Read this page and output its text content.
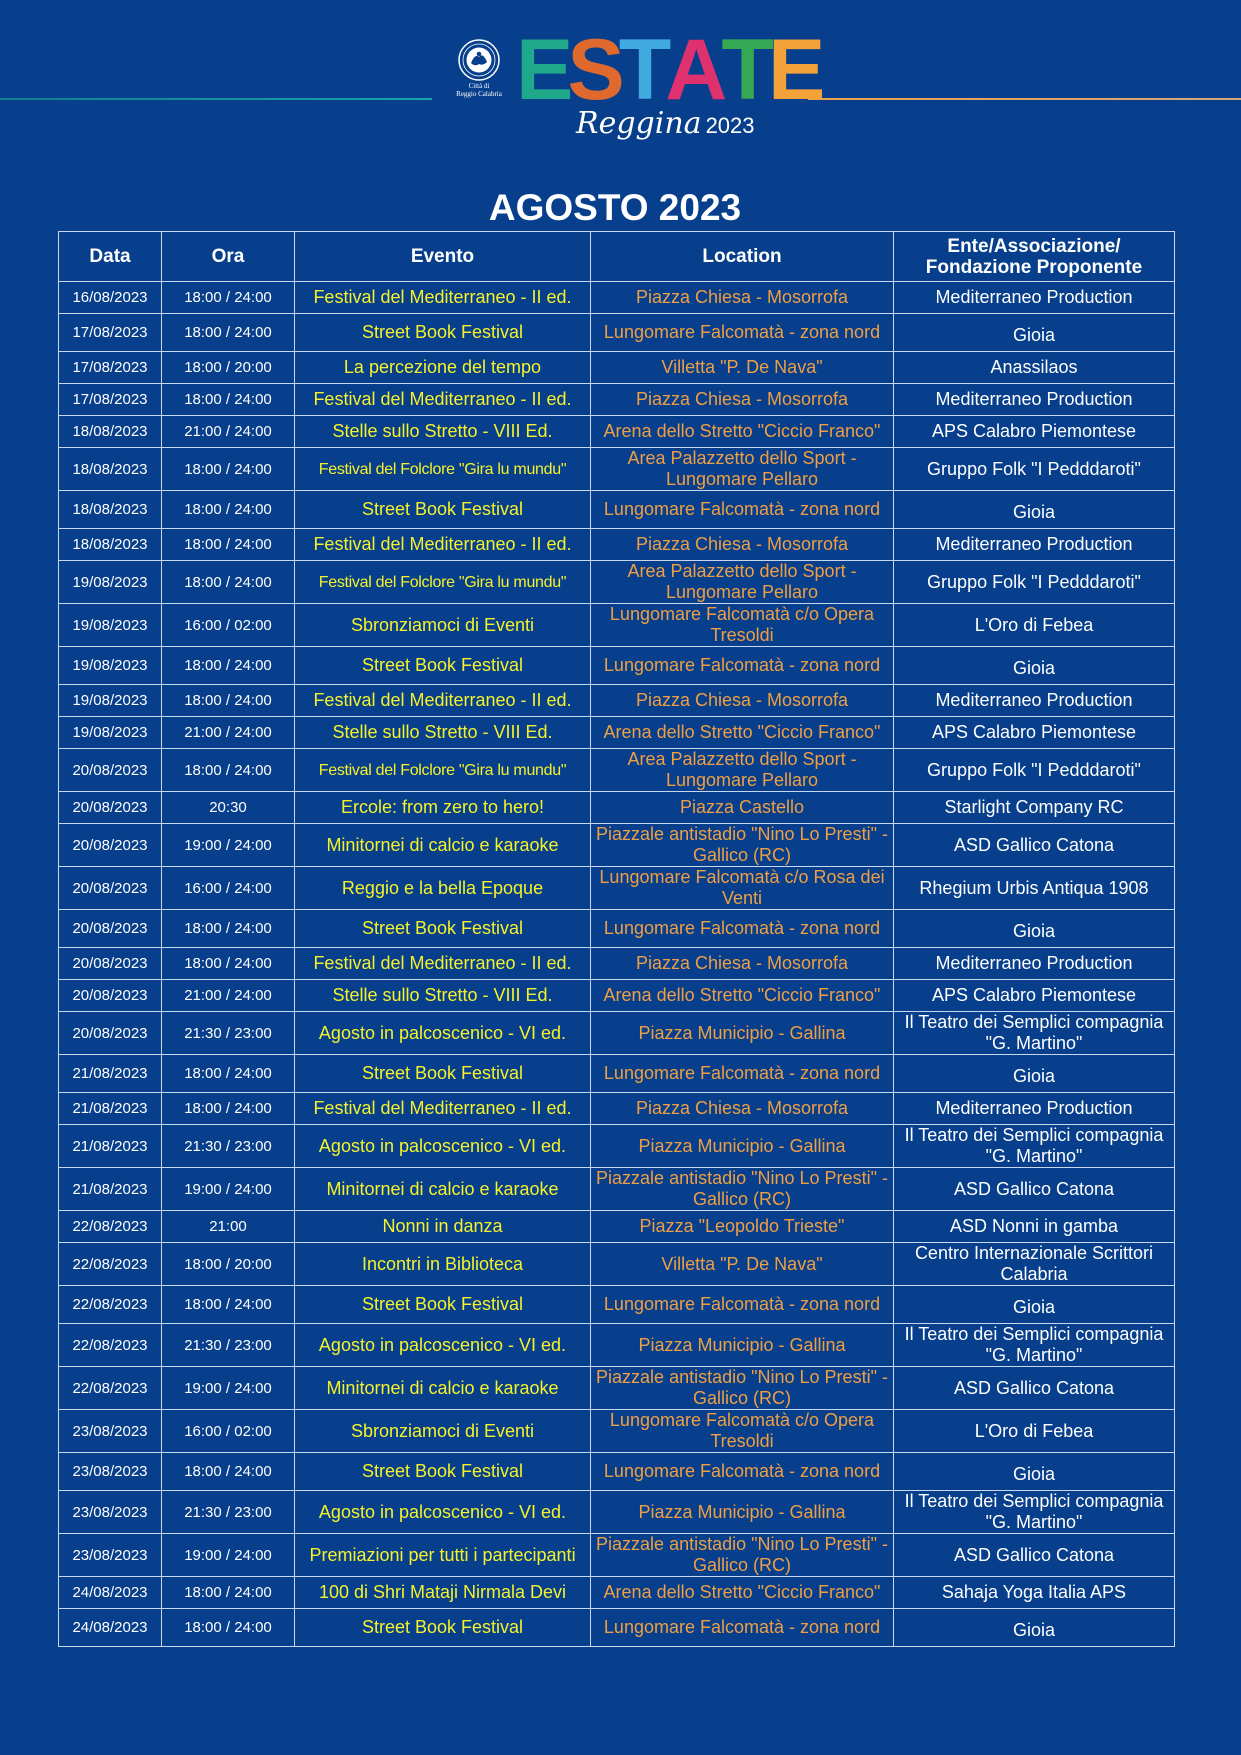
Città di
Reggio Calabria ESTATE
Reggina 2023
AGOSTO 2023
Data	Ora	Evento	Location	Ente/Associazione/ Fondazione Proponente
16/08/2023	18:00 / 24:00	Festival del Mediterraneo - II ed.	Piazza Chiesa - Mosorrofa	Mediterraneo Production
17/08/2023	18:00 / 24:00	Street Book Festival	Lungomare Falcomatà - zona nord	Gioia
17/08/2023	18:00 / 20:00	La percezione del tempo	Villetta "P. De Nava"	Anassilaos
17/08/2023	18:00 / 24:00	Festival del Mediterraneo - II ed.	Piazza Chiesa - Mosorrofa	Mediterraneo Production
18/08/2023	21:00 / 24:00	Stelle sullo Stretto - VIII Ed.	Arena dello Stretto "Ciccio Franco"	APS Calabro Piemontese
18/08/2023	18:00 / 24:00	Festival del Folclore "Gira lu mundu"	Area Palazzetto dello Sport - Lungomare Pellaro	Gruppo Folk "I Pedddaroti"
18/08/2023	18:00 / 24:00	Street Book Festival	Lungomare Falcomatà - zona nord	Gioia
18/08/2023	18:00 / 24:00	Festival del Mediterraneo - II ed.	Piazza Chiesa - Mosorrofa	Mediterraneo Production
19/08/2023	18:00 / 24:00	Festival del Folclore "Gira lu mundu"	Area Palazzetto dello Sport - Lungomare Pellaro	Gruppo Folk "I Pedddaroti"
19/08/2023	16:00 / 02:00	Sbronziamoci di Eventi	Lungomare Falcomatà c/o Opera Tresoldi	L'Oro di Febea
19/08/2023	18:00 / 24:00	Street Book Festival	Lungomare Falcomatà - zona nord	Gioia
19/08/2023	18:00 / 24:00	Festival del Mediterraneo - II ed.	Piazza Chiesa - Mosorrofa	Mediterraneo Production
19/08/2023	21:00 / 24:00	Stelle sullo Stretto - VIII Ed.	Arena dello Stretto "Ciccio Franco"	APS Calabro Piemontese
20/08/2023	18:00 / 24:00	Festival del Folclore "Gira lu mundu"	Area Palazzetto dello Sport - Lungomare Pellaro	Gruppo Folk "I Pedddaroti"
20/08/2023	20:30	Ercole: from zero to hero!	Piazza Castello	Starlight Company RC
20/08/2023	19:00 / 24:00	Minitornei di calcio e karaoke	Piazzale antistadio "Nino Lo Presti" - Gallico (RC)	ASD Gallico Catona
20/08/2023	16:00 / 24:00	Reggio e la bella Epoque	Lungomare Falcomatà c/o Rosa dei Venti	Rhegium Urbis Antiqua 1908
20/08/2023	18:00 / 24:00	Street Book Festival	Lungomare Falcomatà - zona nord	Gioia
20/08/2023	18:00 / 24:00	Festival del Mediterraneo - II ed.	Piazza Chiesa - Mosorrofa	Mediterraneo Production
20/08/2023	21:00 / 24:00	Stelle sullo Stretto - VIII Ed.	Arena dello Stretto "Ciccio Franco"	APS Calabro Piemontese
20/08/2023	21:30 / 23:00	Agosto in palcoscenico - VI ed.	Piazza Municipio - Gallina	Il Teatro dei Semplici compagnia "G. Martino"
21/08/2023	18:00 / 24:00	Street Book Festival	Lungomare Falcomatà - zona nord	Gioia
21/08/2023	18:00 / 24:00	Festival del Mediterraneo - II ed.	Piazza Chiesa - Mosorrofa	Mediterraneo Production
21/08/2023	21:30 / 23:00	Agosto in palcoscenico - VI ed.	Piazza Municipio - Gallina	Il Teatro dei Semplici compagnia "G. Martino"
21/08/2023	19:00 / 24:00	Minitornei di calcio e karaoke	Piazzale antistadio "Nino Lo Presti" - Gallico (RC)	ASD Gallico Catona
22/08/2023	21:00	Nonni in danza	Piazza "Leopoldo Trieste"	ASD Nonni in gamba
22/08/2023	18:00 / 20:00	Incontri in Biblioteca	Villetta "P. De Nava"	Centro Internazionale Scrittori Calabria
22/08/2023	18:00 / 24:00	Street Book Festival	Lungomare Falcomatà - zona nord	Gioia
22/08/2023	21:30 / 23:00	Agosto in palcoscenico - VI ed.	Piazza Municipio - Gallina	Il Teatro dei Semplici compagnia "G. Martino"
22/08/2023	19:00 / 24:00	Minitornei di calcio e karaoke	Piazzale antistadio "Nino Lo Presti" - Gallico (RC)	ASD Gallico Catona
23/08/2023	16:00 / 02:00	Sbronziamoci di Eventi	Lungomare Falcomatà c/o Opera Tresoldi	L'Oro di Febea
23/08/2023	18:00 / 24:00	Street Book Festival	Lungomare Falcomatà - zona nord	Gioia
23/08/2023	21:30 / 23:00	Agosto in palcoscenico - VI ed.	Piazza Municipio - Gallina	Il Teatro dei Semplici compagnia "G. Martino"
23/08/2023	19:00 / 24:00	Premiazioni per tutti i partecipanti	Piazzale antistadio "Nino Lo Presti" - Gallico (RC)	ASD Gallico Catona
24/08/2023	18:00 / 24:00	100 di Shri Mataji Nirmala Devi	Arena dello Stretto "Ciccio Franco"	Sahaja Yoga Italia APS
24/08/2023	18:00 / 24:00	Street Book Festival	Lungomare Falcomatà - zona nord	Gioia
